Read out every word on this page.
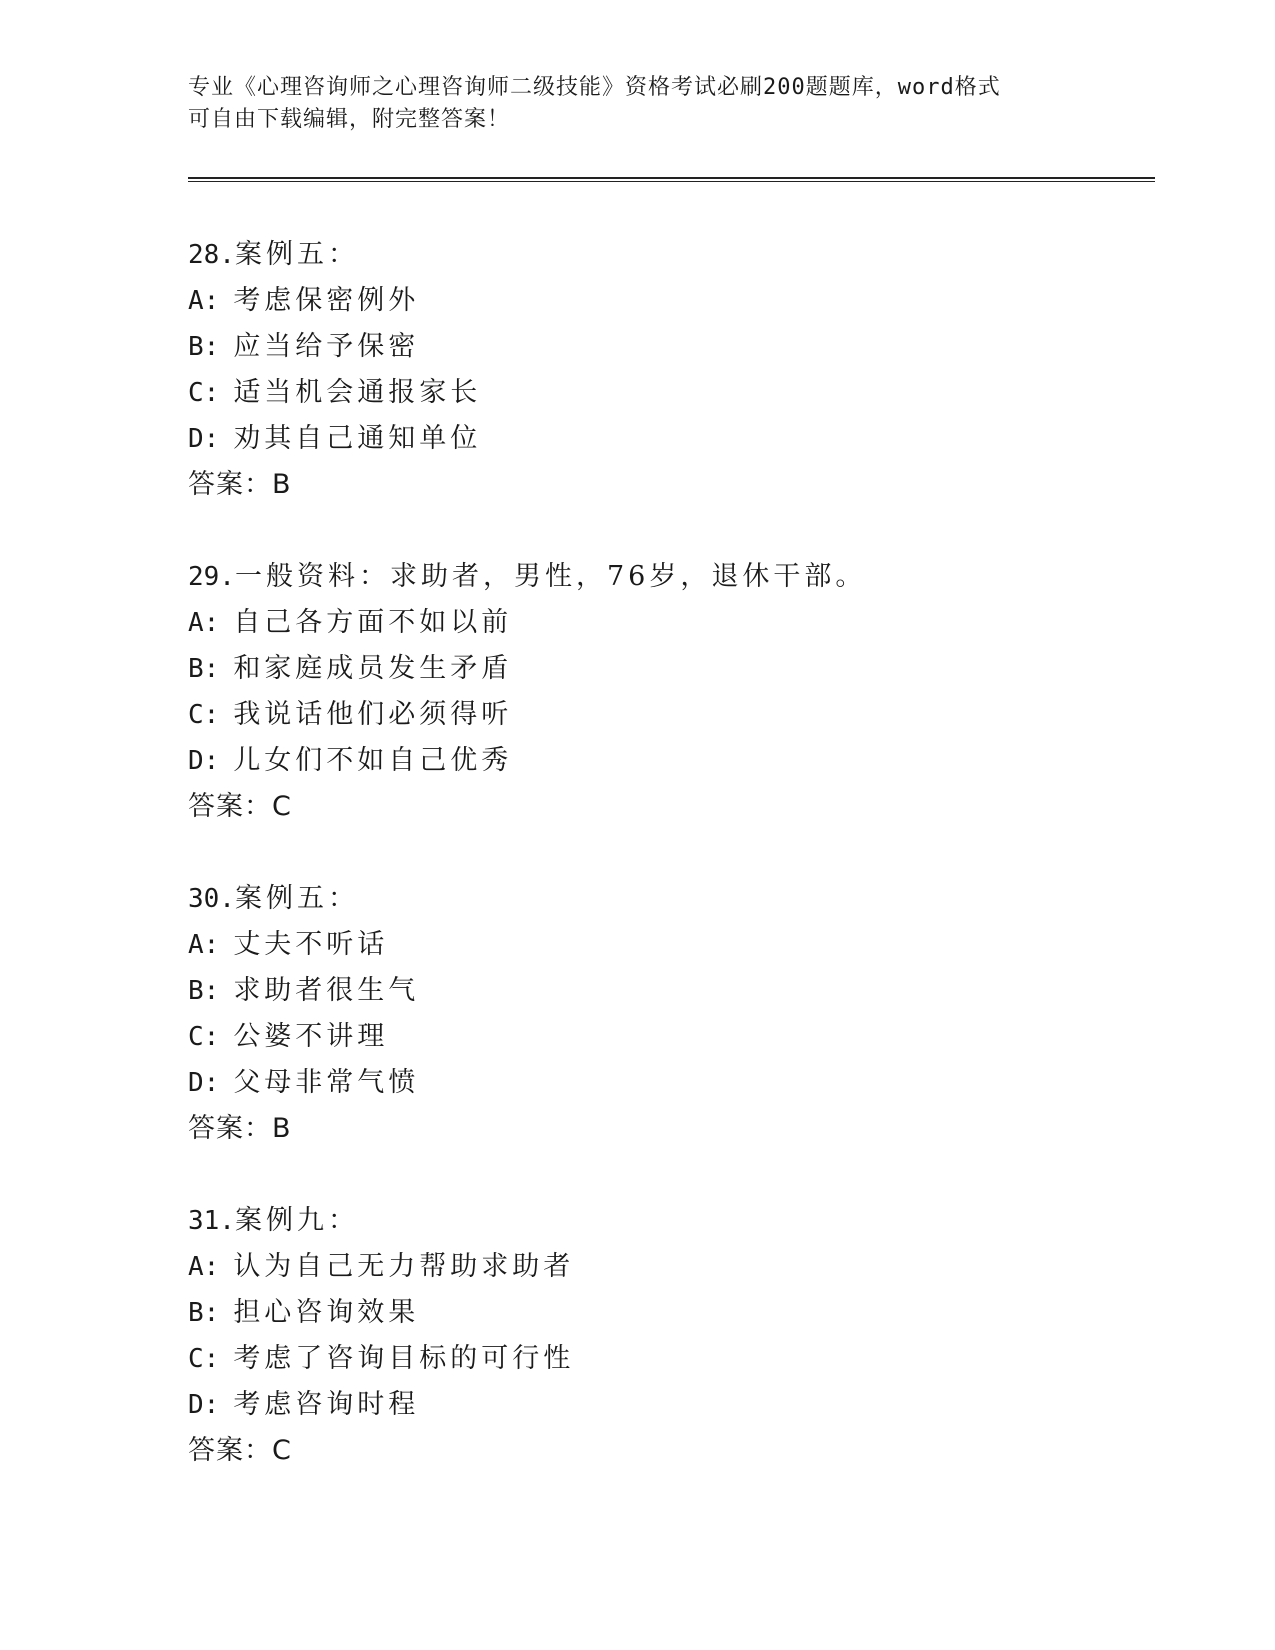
专业《心理咨询师之心理咨询师二级技能》资格考试必刷200题题库，word格式
可自由下载编辑，附完整答案！
28.案例五：
A: 考虑保密例外
B: 应当给予保密
C: 适当机会通报家长
D: 劝其自己通知单位
答案：B
29.一般资料：求助者，男性，76岁，退休干部。
A: 自己各方面不如以前
B: 和家庭成员发生矛盾
C: 我说话他们必须得听
D: 儿女们不如自己优秀
答案：C
30.案例五：
A: 丈夫不听话
B: 求助者很生气
C: 公婆不讲理
D: 父母非常气愤
答案：B
31.案例九：
A: 认为自己无力帮助求助者
B: 担心咨询效果
C: 考虑了咨询目标的可行性
D: 考虑咨询时程
答案：C
